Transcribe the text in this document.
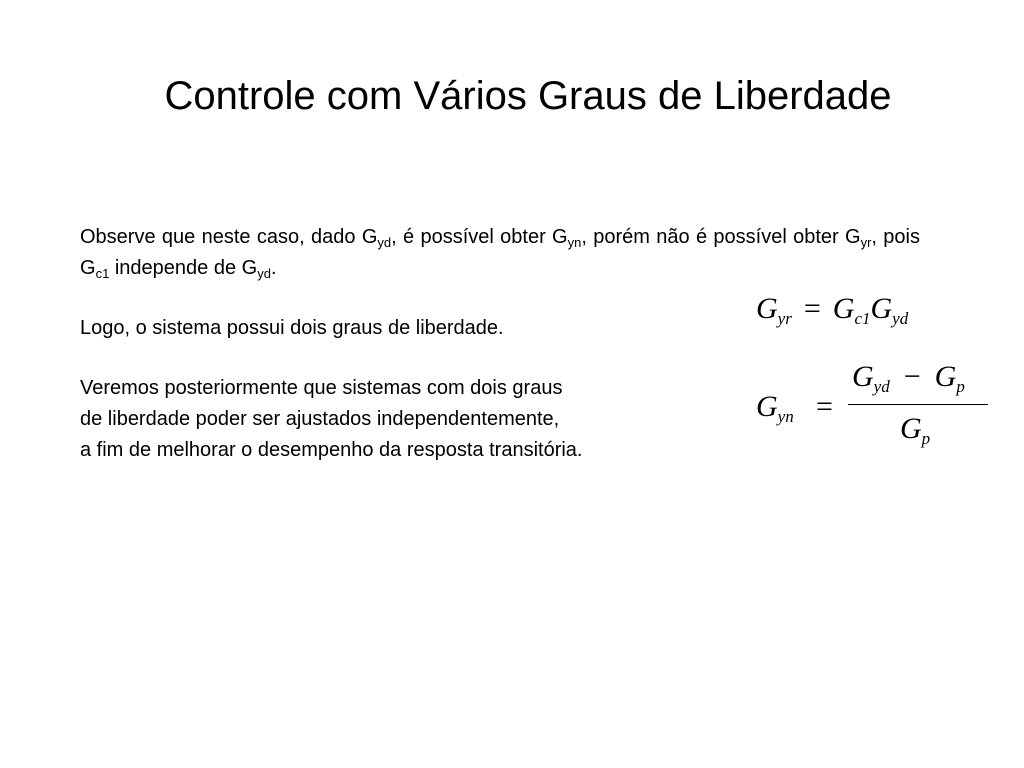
Controle com Vários Graus de Liberdade
Observe que neste caso, dado $G_{yd}$, é possível obter $G_{yn}$, porém não é possível obter $G_{yr}$, pois $G_{c1}$ independe de $G_{yd}$.
Logo, o sistema possui dois graus de liberdade.
Veremos posteriormente que sistemas com dois graus
de liberdade poder ser ajustados independentemente,
a fim de melhorar o desempenho da resposta transitória.
$G_{yr} = G_{c1}G_{yd}$
$G_{yn}$ =
$G_{yd} - G_p$
$G_p$
